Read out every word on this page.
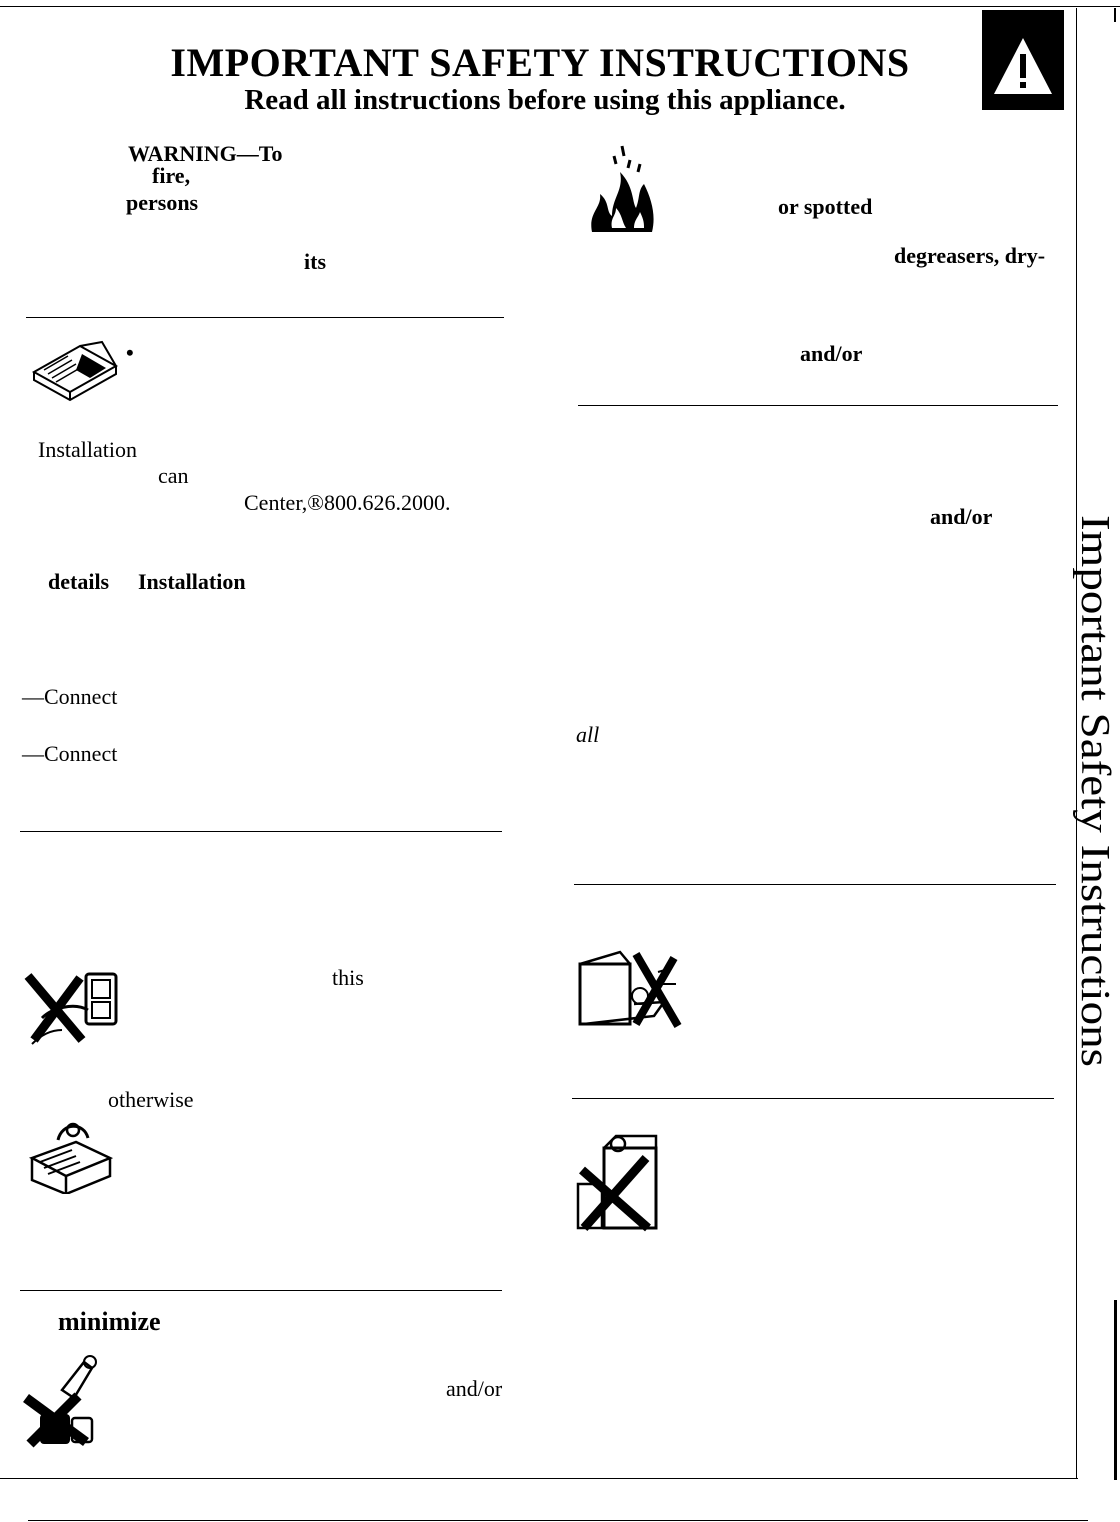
IMPORTANT SAFETY INSTRUCTIONS
Read all instructions before using this appliance.
WARNING—To
fire,
persons
its
•
Installation
can
Center,®800.626.2000.
details Installation
—Connect
—Connect
this
otherwise
minimize
and/or
or spotted
degreasers, dry-
and/or
and/or
all	Important Safety Instructions
